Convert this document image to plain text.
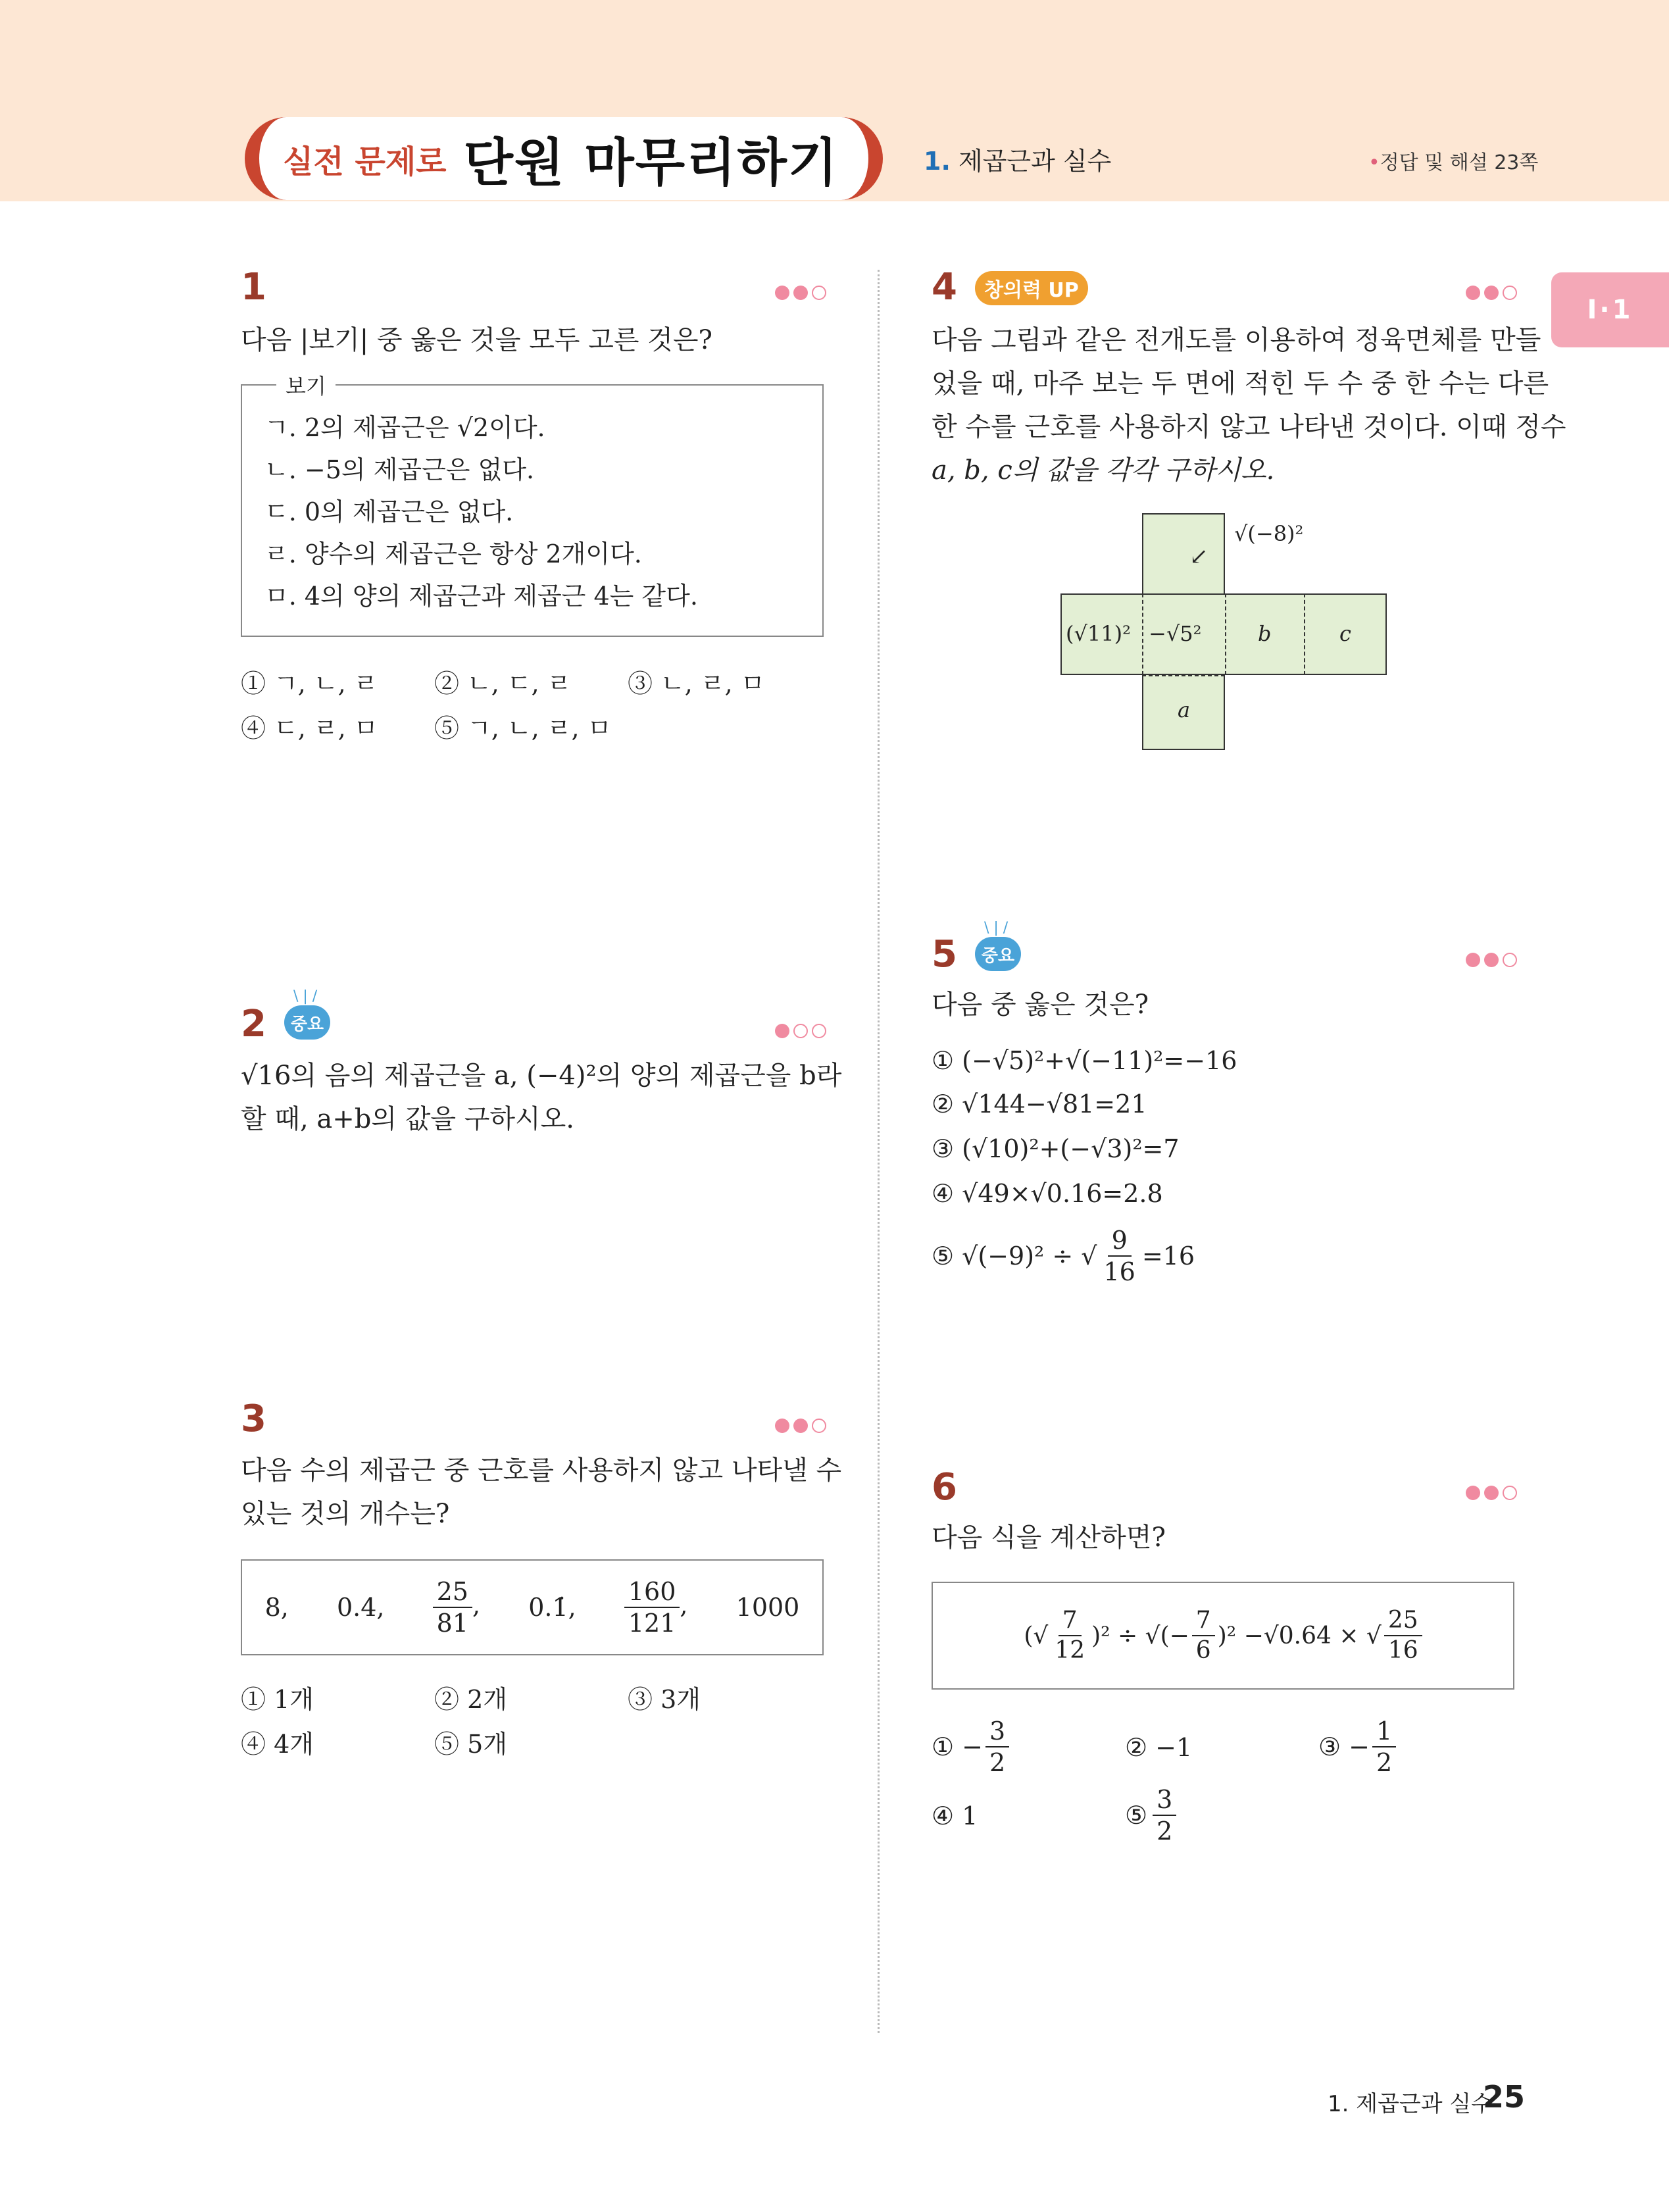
실전 문제로 단원 마무리하기	1. 제곱근과 실수	•정답 및 해설 23쪽
I·1
1
다음 |보기| 중 옳은 것을 모두 고른 것은?
보기
ㄱ. 2의 제곱근은 √2이다.
ㄴ. −5의 제곱근은 없다.
ㄷ. 0의 제곱근은 없다.
ㄹ. 양수의 제곱근은 항상 2개이다.
ㅁ. 4의 양의 제곱근과 제곱근 4는 같다.
① ㄱ, ㄴ, ㄹ ② ㄴ, ㄷ, ㄹ ③ ㄴ, ㄹ, ㅁ
④ ㄷ, ㄹ, ㅁ ⑤ ㄱ, ㄴ, ㄹ, ㅁ
2
\ | /
중요
√16의 음의 제곱근을 a, (−4)²의 양의 제곱근을 b라
할 때, a+b의 값을 구하시오.
3
다음 수의 제곱근 중 근호를 사용하지 않고 나타낼 수
있는 것의 개수는?
8, 0.4, $\frac{25}{81}$ , 0.1̇, $\frac{160}{121}$ , 1000
① 1개	② 2개	③ 3개
④ 4개	⑤ 5개
4	창의력 UP
다음 그림과 같은 전개도를 이용하여 정육면체를 만들
었을 때, 마주 보는 두 면에 적힌 두 수 중 한 수는 다른
한 수를 근호를 사용하지 않고 나타낸 것이다. 이때 정수
a, b, c의 값을 각각 구하시오.
↙
√(−8)²
(√11)² −√5²	b	c
a
5
\ | /
중요
다음 중 옳은 것은?
① (−√5)²+√(−11)²=−16
② √144−√81=21
③ (√10)²+(−√3)²=7
④ √49×√0.16=2.8
⑤ √(−9)² ÷ √ $\frac{9}{16} =16$
6
다음 식을 계산하면?
(√ $\frac{7}{12} )^2$ ÷ √(− $\frac{7}{6} )^2 -√0.64$ × √ $\frac{25}{16}$
① − $\frac{3}{2}$	② −1	③ − $\frac{1}{2}$
④ 1	⑤ $\frac{3}{2}$
1. 제곱근과 실수
25
